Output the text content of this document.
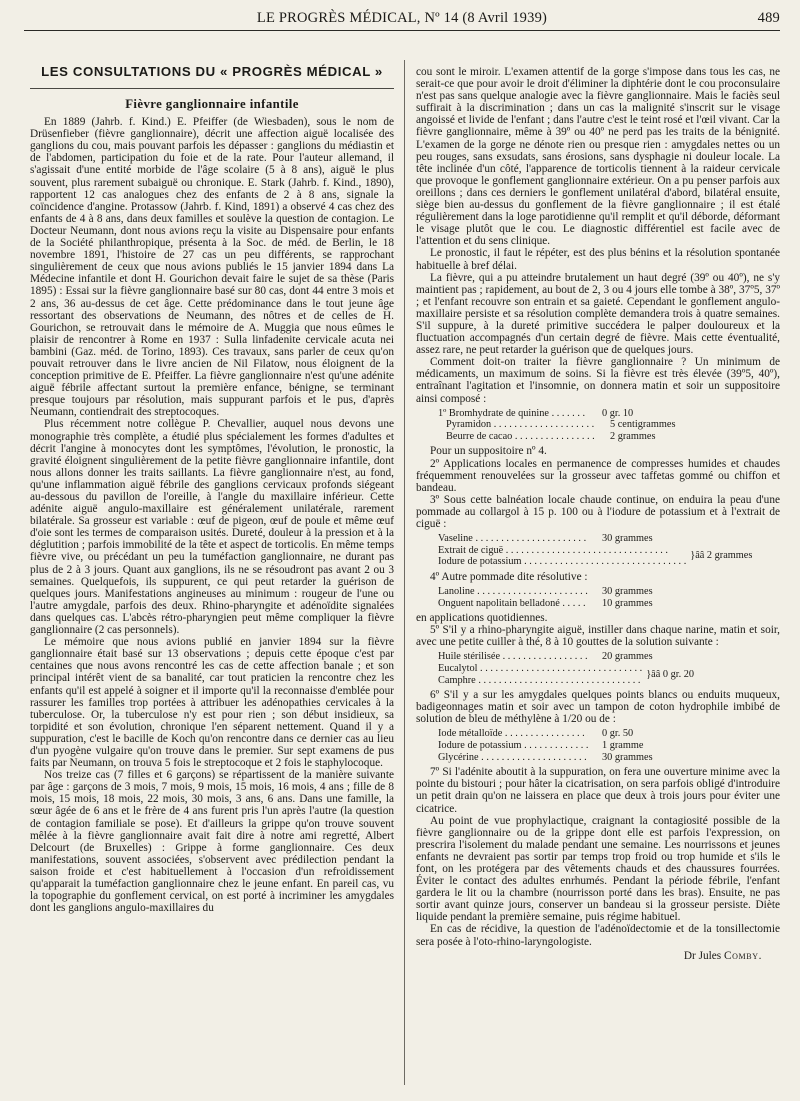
LE PROGRÈS MÉDICAL, Nº 14 (8 Avril 1939)	489
LES CONSULTATIONS DU « PROGRÈS MÉDICAL »
Fièvre ganglionnaire infantile

En 1889 (Jahrb. f. Kind.) E. Pfeiffer (de Wiesbaden), sous le nom de Drüsenfieber (fièvre ganglionnaire), décrit une affection aiguë localisée des ganglions du cou, mais pouvant parfois les dépasser : ganglions du médiastin et de l'abdomen, participation du foie et de la rate. Pour l'auteur allemand, il s'agissait d'une entité morbide de l'âge scolaire (5 à 8 ans), aiguë le plus souvent, plus rarement subaiguë ou chronique. E. Stark (Jahrb. f. Kind., 1890), rapportent 12 cas analogues chez des enfants de 2 à 8 ans, signale la coïncidence d'angine. Protassow (Jahrb. f. Kind, 1891) a observé 4 cas chez des enfants de 4 à 8 ans, dans deux familles et soulève la question de contagion. Le Docteur Neumann, dont nous avions reçu la visite au Dispensaire pour enfants de la Société philanthropique, présenta à la Soc. de méd. de Berlin, le 18 novembre 1891, l'histoire de 27 cas un peu différents, se rapprochant singulièrement de ceux que nous avions publiés le 15 janvier 1894 dans La Médecine infantile et dont H. Gourichon devait faire le sujet de sa thèse (Paris 1895) : Essai sur la fièvre ganglionnaire basé sur 80 cas, dont 44 entre 3 mois et 2 ans, 36 au-dessus de cet âge. Cette prédominance dans le tout jeune âge ressortant des observations de Neumann, des nôtres et de celles de H. Gourichon, se retrouvait dans le mémoire de A. Muggia que nous eûmes le plaisir de rencontrer à Rome en 1937 : Sulla linfadenite cervicale acuta nei bambini (Gaz. méd. de Torino, 1893). Ces travaux, sans parler de ceux qu'on pouvait retrouver dans le livre ancien de Nil Filatow, nous éloignent de la conception primitive de E. Pfeiffer. La fièvre ganglionnaire n'est qu'une adénite aiguë fébrile affectant surtout la première enfance, bénigne, se terminant presque toujours par résolution, mais suppurant parfois et le pus, d'après Neumann, contiendrait des streptocoques.

Plus récemment notre collègue P. Chevallier, auquel nous devons une monographie très complète, a étudié plus spécialement les formes d'adultes et décrit l'angine à monocytes dont les symptômes, l'évolution, le pronostic, la gravité éloignent singulièrement de la petite fièvre ganglionnaire infantile, dont nous allons donner les traits saillants. La fièvre ganglionnaire n'est, au fond, qu'une inflammation aiguë fébrile des ganglions cervicaux profonds siégeant au-dessous du pavillon de l'oreille, à l'angle du maxillaire inférieur. Cette adénite aiguë angulo-maxillaire est généralement unilatérale, rarement bilatérale. Sa grosseur est variable : œuf de pigeon, œuf de poule et même œuf d'oie sont les termes de comparaison usités. Dureté, douleur à la pression et à la déglutition ; parfois immobilité de la tête et aspect de torticolis. En même temps fièvre vive, ou précédant un peu la tuméfaction ganglionnaire, ne durant pas plus de 2 à 3 jours. Quant aux ganglions, ils ne se résoudront pas avant 2 ou 3 semaines. Quelquefois, ils suppurent, ce qui peut retarder la guérison de quelques jours. Manifestations angineuses au minimum : rougeur de l'une ou l'autre amygdale, parfois des deux. Rhino-pharyngite et adénoïdite signalées dans quelques cas. L'abcès rétro-pharyngien peut même compliquer la fièvre ganglionnaire (2 cas personnels).

Le mémoire que nous avions publié en janvier 1894 sur la fièvre ganglionnaire était basé sur 13 observations ; depuis cette époque c'est par centaines que nous avons rencontré les cas de cette affection banale ; et son principal intérêt vient de sa banalité, car tout praticien la rencontre chez les enfants qu'il est appelé à soigner et il importe qu'il la reconnaisse d'emblée pour rassurer les familles trop portées à attribuer les adénopathies cervicales à la tuberculose. Or, la tuberculose n'y est pour rien ; son début insidieux, sa torpidité et son évolution, chronique l'en séparent nettement. Quand il y a suppuration, c'est le bacille de Koch qu'on rencontre dans ce dernier cas au lieu d'un pyogène vulgaire qu'on trouve dans le premier. Sur sept examens de pus faits par Neumann, on trouva 5 fois le streptocoque et 2 fois le staphylocoque.

Nos treize cas (7 filles et 6 garçons) se répartissent de la manière suivante par âge : garçons de 3 mois, 7 mois, 9 mois, 15 mois, 16 mois, 4 ans ; fille de 8 mois, 15 mois, 18 mois, 22 mois, 30 mois, 3 ans, 6 ans. Dans une famille, la sœur âgée de 6 ans et le frère de 4 ans furent pris l'un après l'autre (la question de contagion familiale se pose). Et d'ailleurs la grippe qu'on trouve souvent mêlée à la fièvre ganglionnaire avait fait dire à notre ami regretté, Albert Delcourt (de Bruxelles) : Grippe à forme ganglionnaire. Ces deux manifestations, souvent associées, s'observent avec prédilection pendant la saison froide et c'est habituellement à l'occasion d'un refroidissement qu'apparait la tuméfaction ganglionnaire chez le jeune enfant. En pareil cas, vu la topographie du gonflement cervical, on est porté à incriminer les amygdales dont les ganglions angulo-maxillaires du

cou sont le miroir. L'examen attentif de la gorge s'impose dans tous les cas, ne serait-ce que pour avoir le droit d'éliminer la diphtérie dont le cou proconsulaire n'est pas sans quelque analogie avec la fièvre ganglionnaire. Mais le faciès seul suffirait à la discrimination ; dans un cas la malignité s'inscrit sur le visage angoissé et livide de l'enfant ; dans l'autre c'est le teint rosé et l'œil vivant. Car la fièvre ganglionnaire, même à 39º ou 40º ne perd pas les traits de la bénignité. L'examen de la gorge ne dénote rien ou presque rien : amygdales nettes ou un peu rouges, sans exsudats, sans érosions, sans dysphagie ni douleur locale. La tête inclinée d'un côté, l'apparence de torticolis tiennent à la raideur cervicale que provoque le gonflement ganglionnaire extérieur. On a pu penser parfois aux oreillons ; dans ces derniers le gonflement unilatéral d'abord, bilatéral ensuite, siège bien au-dessus du gonflement de la fièvre ganglionnaire ; il est étalé régulièrement dans la loge parotidienne qu'il remplit et qu'il déborde, déformant le visage plutôt que le cou. Le diagnostic différentiel est facile avec de l'attention et du sens clinique.

Le pronostic, il faut le répéter, est des plus bénins et la résolution spontanée habituelle à bref délai.

La fièvre, qui a pu atteindre brutalement un haut degré (39º ou 40º), ne s'y maintient pas ; rapidement, au bout de 2, 3 ou 4 jours elle tombe à 38º, 37º5, 37º ; et l'enfant recouvre son entrain et sa gaieté. Cependant le gonflement angulo-maxillaire persiste et sa résolution complète demandera trois à quatre semaines. S'il suppure, à la dureté primitive succédera le palper douloureux et la fluctuation accompagnés d'un certain degré de fièvre. Mais cette éventualité, assez rare, ne peut retarder la guérison que de quelques jours.

Comment doit-on traiter la fièvre ganglionnaire ? Un minimum de médicaments, un maximum de soins. Si la fièvre est très élevée (39º5, 40º), entraînant l'agitation et l'insomnie, on donnera matin et soir un suppositoire ainsi composé :

1º Bromhydrate de quinine . . .	0 gr. 10
Pyramidon . . .	5 centigrammes
Beurre de cacao . . .	2 grammes

Pour un suppositoire nº 4.

2º Applications locales en permanence de compresses humides et chaudes fréquemment renouvelées sur la grosseur avec taffetas gommé ou chiffon et bandeau.

3º Sous cette balnéation locale chaude continue, on enduira la peau d'une pommade au collargol à 15 p. 100 ou à l'iodure de potassium et à l'extrait de ciguë :

Vaseline . . .	30 grammes
Extrait de ciguë . . .
Iodure de potassium . . .
}ââ 2 grammes

4º Autre pommade dite résolutive :

Lanoline . . .	30 grammes
Onguent napolitain belladoné . . .	10 grammes

en applications quotidiennes.

5º S'il y a rhino-pharyngite aiguë, instiller dans chaque narine, matin et soir, avec une petite cuiller à thé, 8 à 10 gouttes de la solution suivante :

Huile stérilisée . . .	20 grammes
Eucalytol . . .
Camphre . . .
}ââ 0 gr. 20

6º S'il y a sur les amygdales quelques points blancs ou enduits muqueux, badigeonnages matin et soir avec un tampon de coton hydrophile imbibé de solution de bleu de méthylène à 1/20 ou de :

Iode métalloïde . . .	0 gr. 50
Iodure de potassium . . .	1 gramme
Glycérine . . .	30 grammes

7º Si l'adénite aboutit à la suppuration, on fera une ouverture minime avec la pointe du bistouri ; pour hâter la cicatrisation, on sera parfois obligé d'introduire un petit drain qu'on ne laissera en place que deux à trois jours pour éviter une cicatrice.

Au point de vue prophylactique, craignant la contagiosité possible de la fièvre ganglionnaire ou de la grippe dont elle est parfois l'expression, on prescrira l'isolement du malade pendant une semaine. Les nourrissons et jeunes enfants ne devraient pas sortir par temps trop froid ou trop humide et s'ils le font, on les protégera par des vêtements chauds et des chaussures fourrées. Éviter le contact des adultes enrhumés. Pendant la période fébrile, l'enfant gardera le lit ou la chambre (nourrisson porté dans les bras). Ensuite, ne pas sortir avant quinze jours, conserver un bandeau si la grosseur persiste. Diète liquide pendant la première semaine, puis régime habituel.

En cas de récidive, la question de l'adénoïdectomie et de la tonsillectomie sera posée à l'oto-rhino-laryngologiste.

Dr Jules Comby.
